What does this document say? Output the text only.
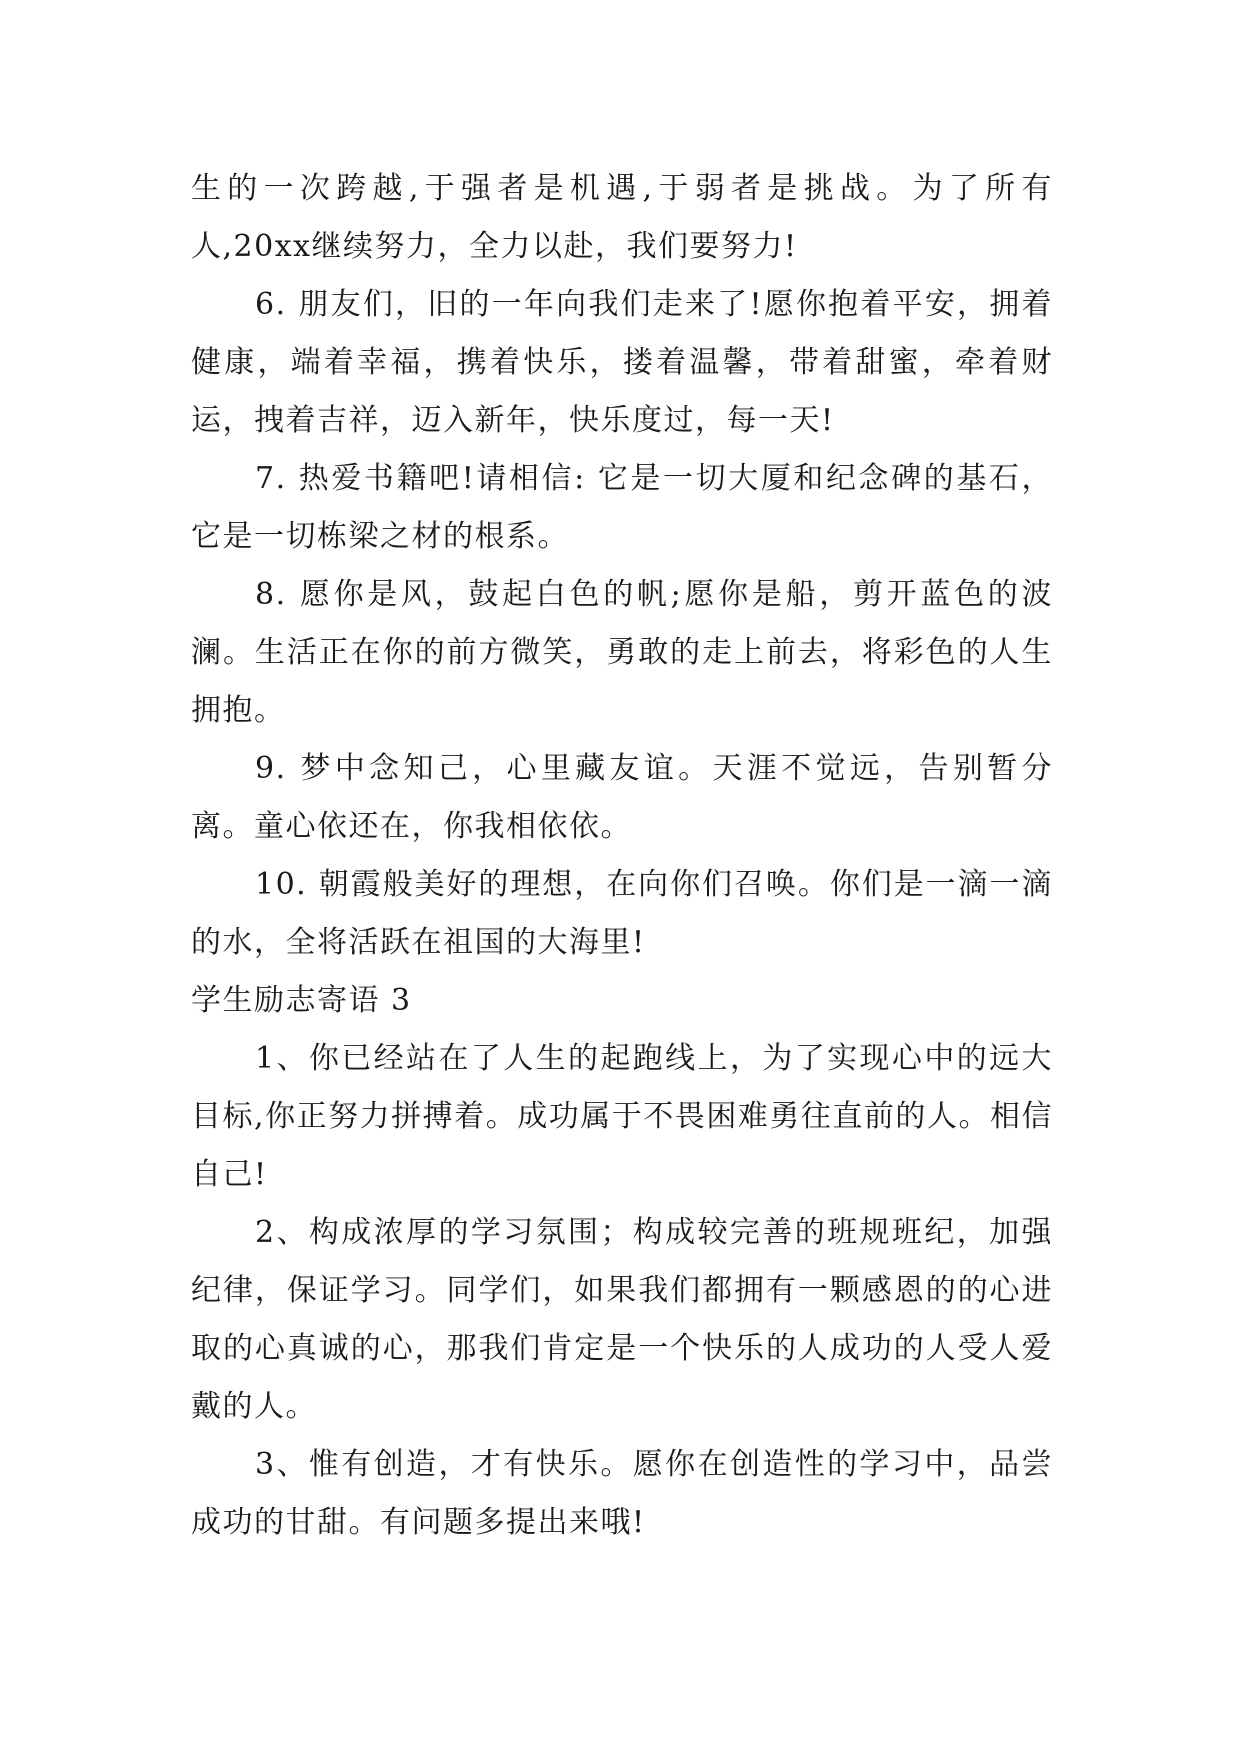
生的一次跨越,于强者是机遇,于弱者是挑战。为了所有人,20xx继续努力，全力以赴，我们要努力!

6. 朋友们，旧的一年向我们走来了!愿你抱着平安，拥着健康，端着幸福，携着快乐，搂着温馨，带着甜蜜，牵着财运，拽着吉祥，迈入新年，快乐度过，每一天!

7. 热爱书籍吧!请相信: 它是一切大厦和纪念碑的基石，它是一切栋梁之材的根系。

8. 愿你是风，鼓起白色的帆;愿你是船，剪开蓝色的波澜。生活正在你的前方微笑，勇敢的走上前去，将彩色的人生拥抱。

9. 梦中念知己，心里藏友谊。天涯不觉远，告别暂分离。童心依还在，你我相依依。

10. 朝霞般美好的理想，在向你们召唤。你们是一滴一滴的水，全将活跃在祖国的大海里!

学生励志寄语 3

1、你已经站在了人生的起跑线上，为了实现心中的远大目标,你正努力拼搏着。成功属于不畏困难勇往直前的人。相信自己!

2、构成浓厚的学习氛围；构成较完善的班规班纪，加强纪律，保证学习。同学们，如果我们都拥有一颗感恩的的心进取的心真诚的心，那我们肯定是一个快乐的人成功的人受人爱戴的人。

3、惟有创造，才有快乐。愿你在创造性的学习中，品尝成功的甘甜。有问题多提出来哦!
